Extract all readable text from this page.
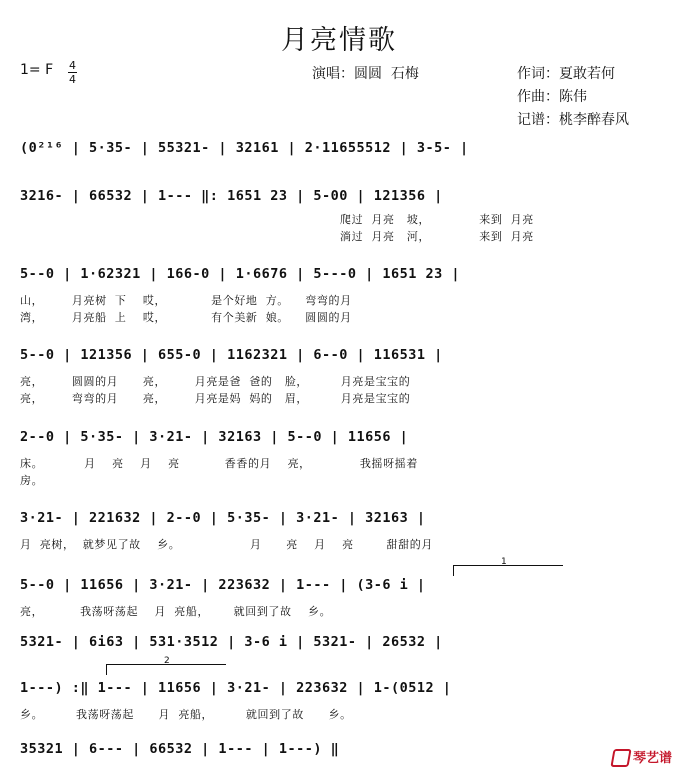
月亮情歌
1= F 4
4	演唱：圆圆  石梅	作词：夏敢若何
作曲：陈伟
记谱：桃李醉春风
(0²¹⁶ | 5·35- | 55321- | 32161 | 2·11655512 | 3-5- |
3216- | 66532 | 1--- ‖: 1651 23 | 5-00 | 121356 |
爬过  月亮   坡，            来到  月亮
淌过  月亮   河，            来到  月亮
5--0 | 1·62321 | 166-0 | 1·6676 | 5---0 | 1651 23 |
山，       月亮树  下    哎，           是个好地  方。    弯弯的月
湾，       月亮船  上    哎，           有个美新  娘。    圆圆的月
5--0 | 121356 | 655-0 | 1162321 | 6--0 | 116531 |
亮，       圆圆的月      亮，       月亮是爸  爸的   脸，        月亮是宝宝的
亮，       弯弯的月      亮，       月亮是妈  妈的   眉，        月亮是宝宝的
2--0 | 5·35- | 3·21- | 32163 | 5--0 | 11656 |
床。          月    亮    月    亮           香香的月    亮，            我摇呀摇着
房。
3·21- | 221632 | 2--0 | 5·35- | 3·21- | 32163 |
月  亮树，  就梦见了故    乡。                 月      亮    月    亮        甜甜的月
1
5--0 | 11656 | 3·21- | 223632 | 1--- | (3-6 i |
亮，         我荡呀荡起    月  亮船，      就回到了故    乡。
5321- | 6i63 | 531·3512 | 3-6 i | 5321- | 26532 |
2
1---) :‖ 1--- | 11656 | 3·21- | 223632 | 1-(0512 |
乡。        我荡呀荡起      月  亮船，        就回到了故      乡。
35321 | 6--- | 66532 | 1--- | 1---) ‖
琴艺谱
